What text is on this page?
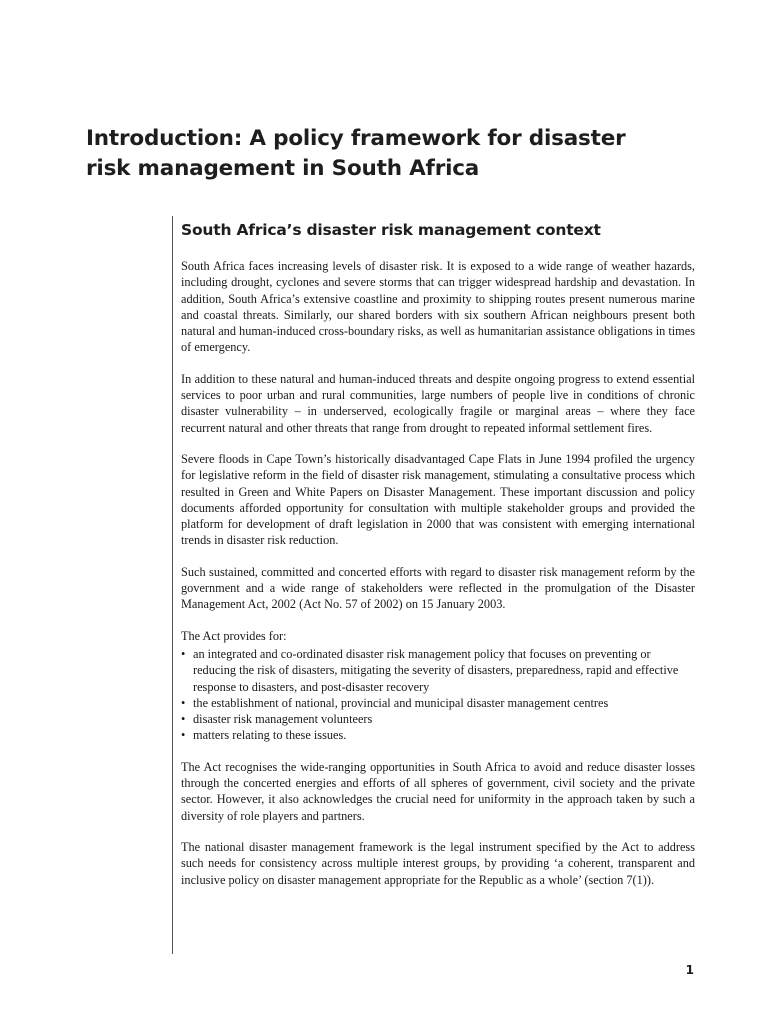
Introduction: A policy framework for disaster
risk management in South Africa
South Africa’s disaster risk management context

South Africa faces increasing levels of disaster risk. It is exposed to a wide range of weather hazards, including drought, cyclones and severe storms that can trigger widespread hardship and devastation. In addition, South Africa’s extensive coastline and proximity to shipping routes present numerous marine and coastal threats. Similarly, our shared borders with six southern African neighbours present both natural and human-induced cross-boundary risks, as well as humanitarian assistance obligations in times of emergency.

In addition to these natural and human-induced threats and despite ongoing progress to extend essential services to poor urban and rural communities, large numbers of people live in conditions of chronic disaster vulnerability – in underserved, ecologically fragile or marginal areas – where they face recurrent natural and other threats that range from drought to repeated informal settlement fires.

Severe floods in Cape Town’s historically disadvantaged Cape Flats in June 1994 profiled the urgency for legislative reform in the field of disaster risk management, stimulating a consultative process which resulted in Green and White Papers on Disaster Management. These important discussion and policy documents afforded opportunity for consultation with multiple stakeholder groups and provided the platform for development of draft legislation in 2000 that was consistent with emerging international trends in disaster risk reduction.

Such sustained, committed and concerted efforts with regard to disaster risk management reform by the government and a wide range of stakeholders were reflected in the promulgation of the Disaster Management Act, 2002 (Act No. 57 of 2002) on 15 January 2003.

The Act provides for:

• an integrated and co-ordinated disaster risk management policy that focuses on preventing or reducing the risk of disasters, mitigating the severity of disasters, preparedness, rapid and effective response to disasters, and post-disaster recovery
• the establishment of national, provincial and municipal disaster management centres
• disaster risk management volunteers
• matters relating to these issues.

The Act recognises the wide-ranging opportunities in South Africa to avoid and reduce disaster losses through the concerted energies and efforts of all spheres of government, civil society and the private sector. However, it also acknowledges the crucial need for uniformity in the approach taken by such a diversity of role players and partners.

The national disaster management framework is the legal instrument specified by the Act to address such needs for consistency across multiple interest groups, by providing ‘a coherent, transparent and inclusive policy on disaster management appropriate for the Republic as a whole’ (section 7(1)).

1
